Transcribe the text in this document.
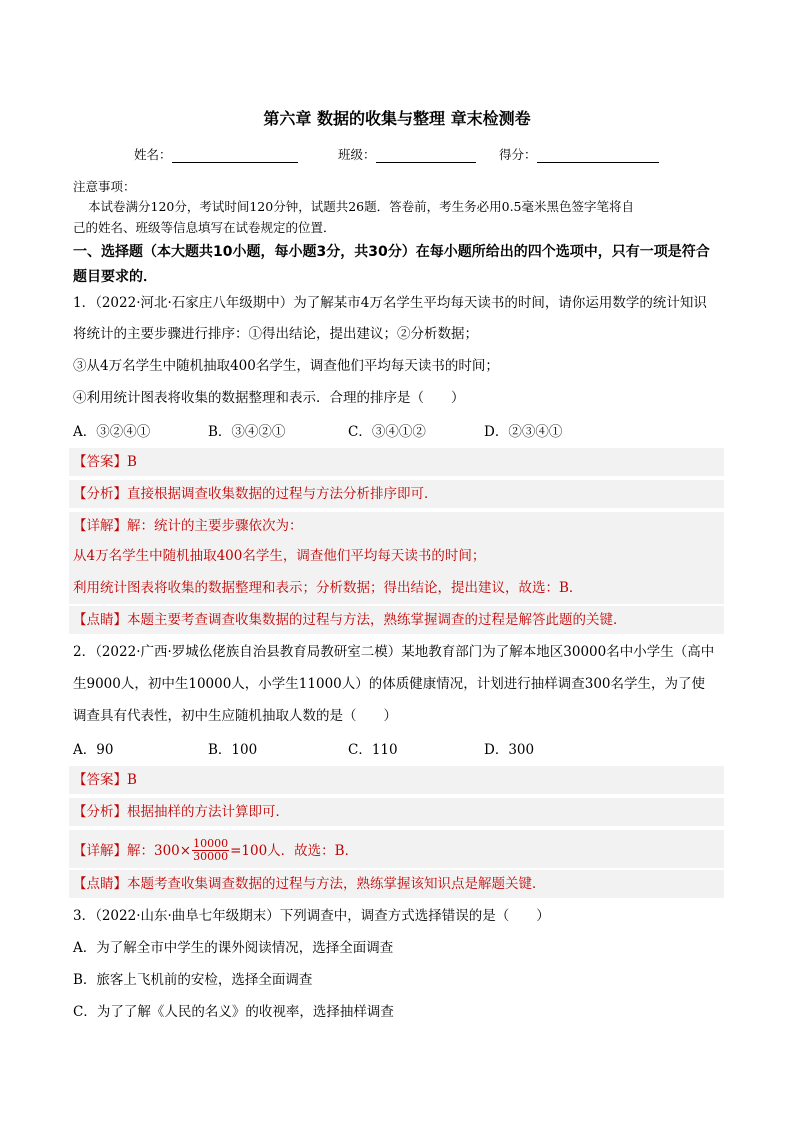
第六章 数据的收集与整理 章末检测卷
姓名：	班级：	得分：
注意事项：
本试卷满分120分，考试时间120分钟，试题共26题．答卷前，考生务必用0.5毫米黑色签字笔将自
己的姓名、班级等信息填写在试卷规定的位置．
一、选择题（本大题共10小题，每小题3分，共30分）在每小题所给出的四个选项中，只有一项是符合
题目要求的．
1．（2022·河北·石家庄八年级期中）为了解某市4万名学生平均每天读书的时间，请你运用数学的统计知识
将统计的主要步骤进行排序：①得出结论，提出建议；②分析数据；
③从4万名学生中随机抽取400名学生，调查他们平均每天读书的时间；
④利用统计图表将收集的数据整理和表示．合理的排序是（　　）
A．③②④①	B．③④②①	C．③④①②	D．②③④①
【答案】B
【分析】直接根据调查收集数据的过程与方法分析排序即可．
【详解】解：统计的主要步骤依次为：
从4万名学生中随机抽取400名学生，调查他们平均每天读书的时间；
利用统计图表将收集的数据整理和表示；分析数据；得出结论，提出建议，故选：B．
【点睛】本题主要考查调查收集数据的过程与方法，熟练掌握调查的过程是解答此题的关键．
2．（2022·广西·罗城仫佬族自治县教育局教研室二模）某地教育部门为了解本地区30000名中小学生（高中
生9000人，初中生10000人，小学生11000人）的体质健康情况，计划进行抽样调查300名学生，为了使
调查具有代表性，初中生应随机抽取人数的是（　　）
A．90	B．100	C．110	D．300
【答案】B
【分析】根据抽样的方法计算即可．
【详解】解：$300\times \frac{10000}{30000} =100$人．故选：B．
【点睛】本题考查收集调查数据的过程与方法，熟练掌握该知识点是解题关键．
3．（2022·山东·曲阜七年级期末）下列调查中，调查方式选择错误的是（　　）
A．为了解全市中学生的课外阅读情况，选择全面调查
B．旅客上飞机前的安检，选择全面调查
C．为了了解《人民的名义》的收视率，选择抽样调查
